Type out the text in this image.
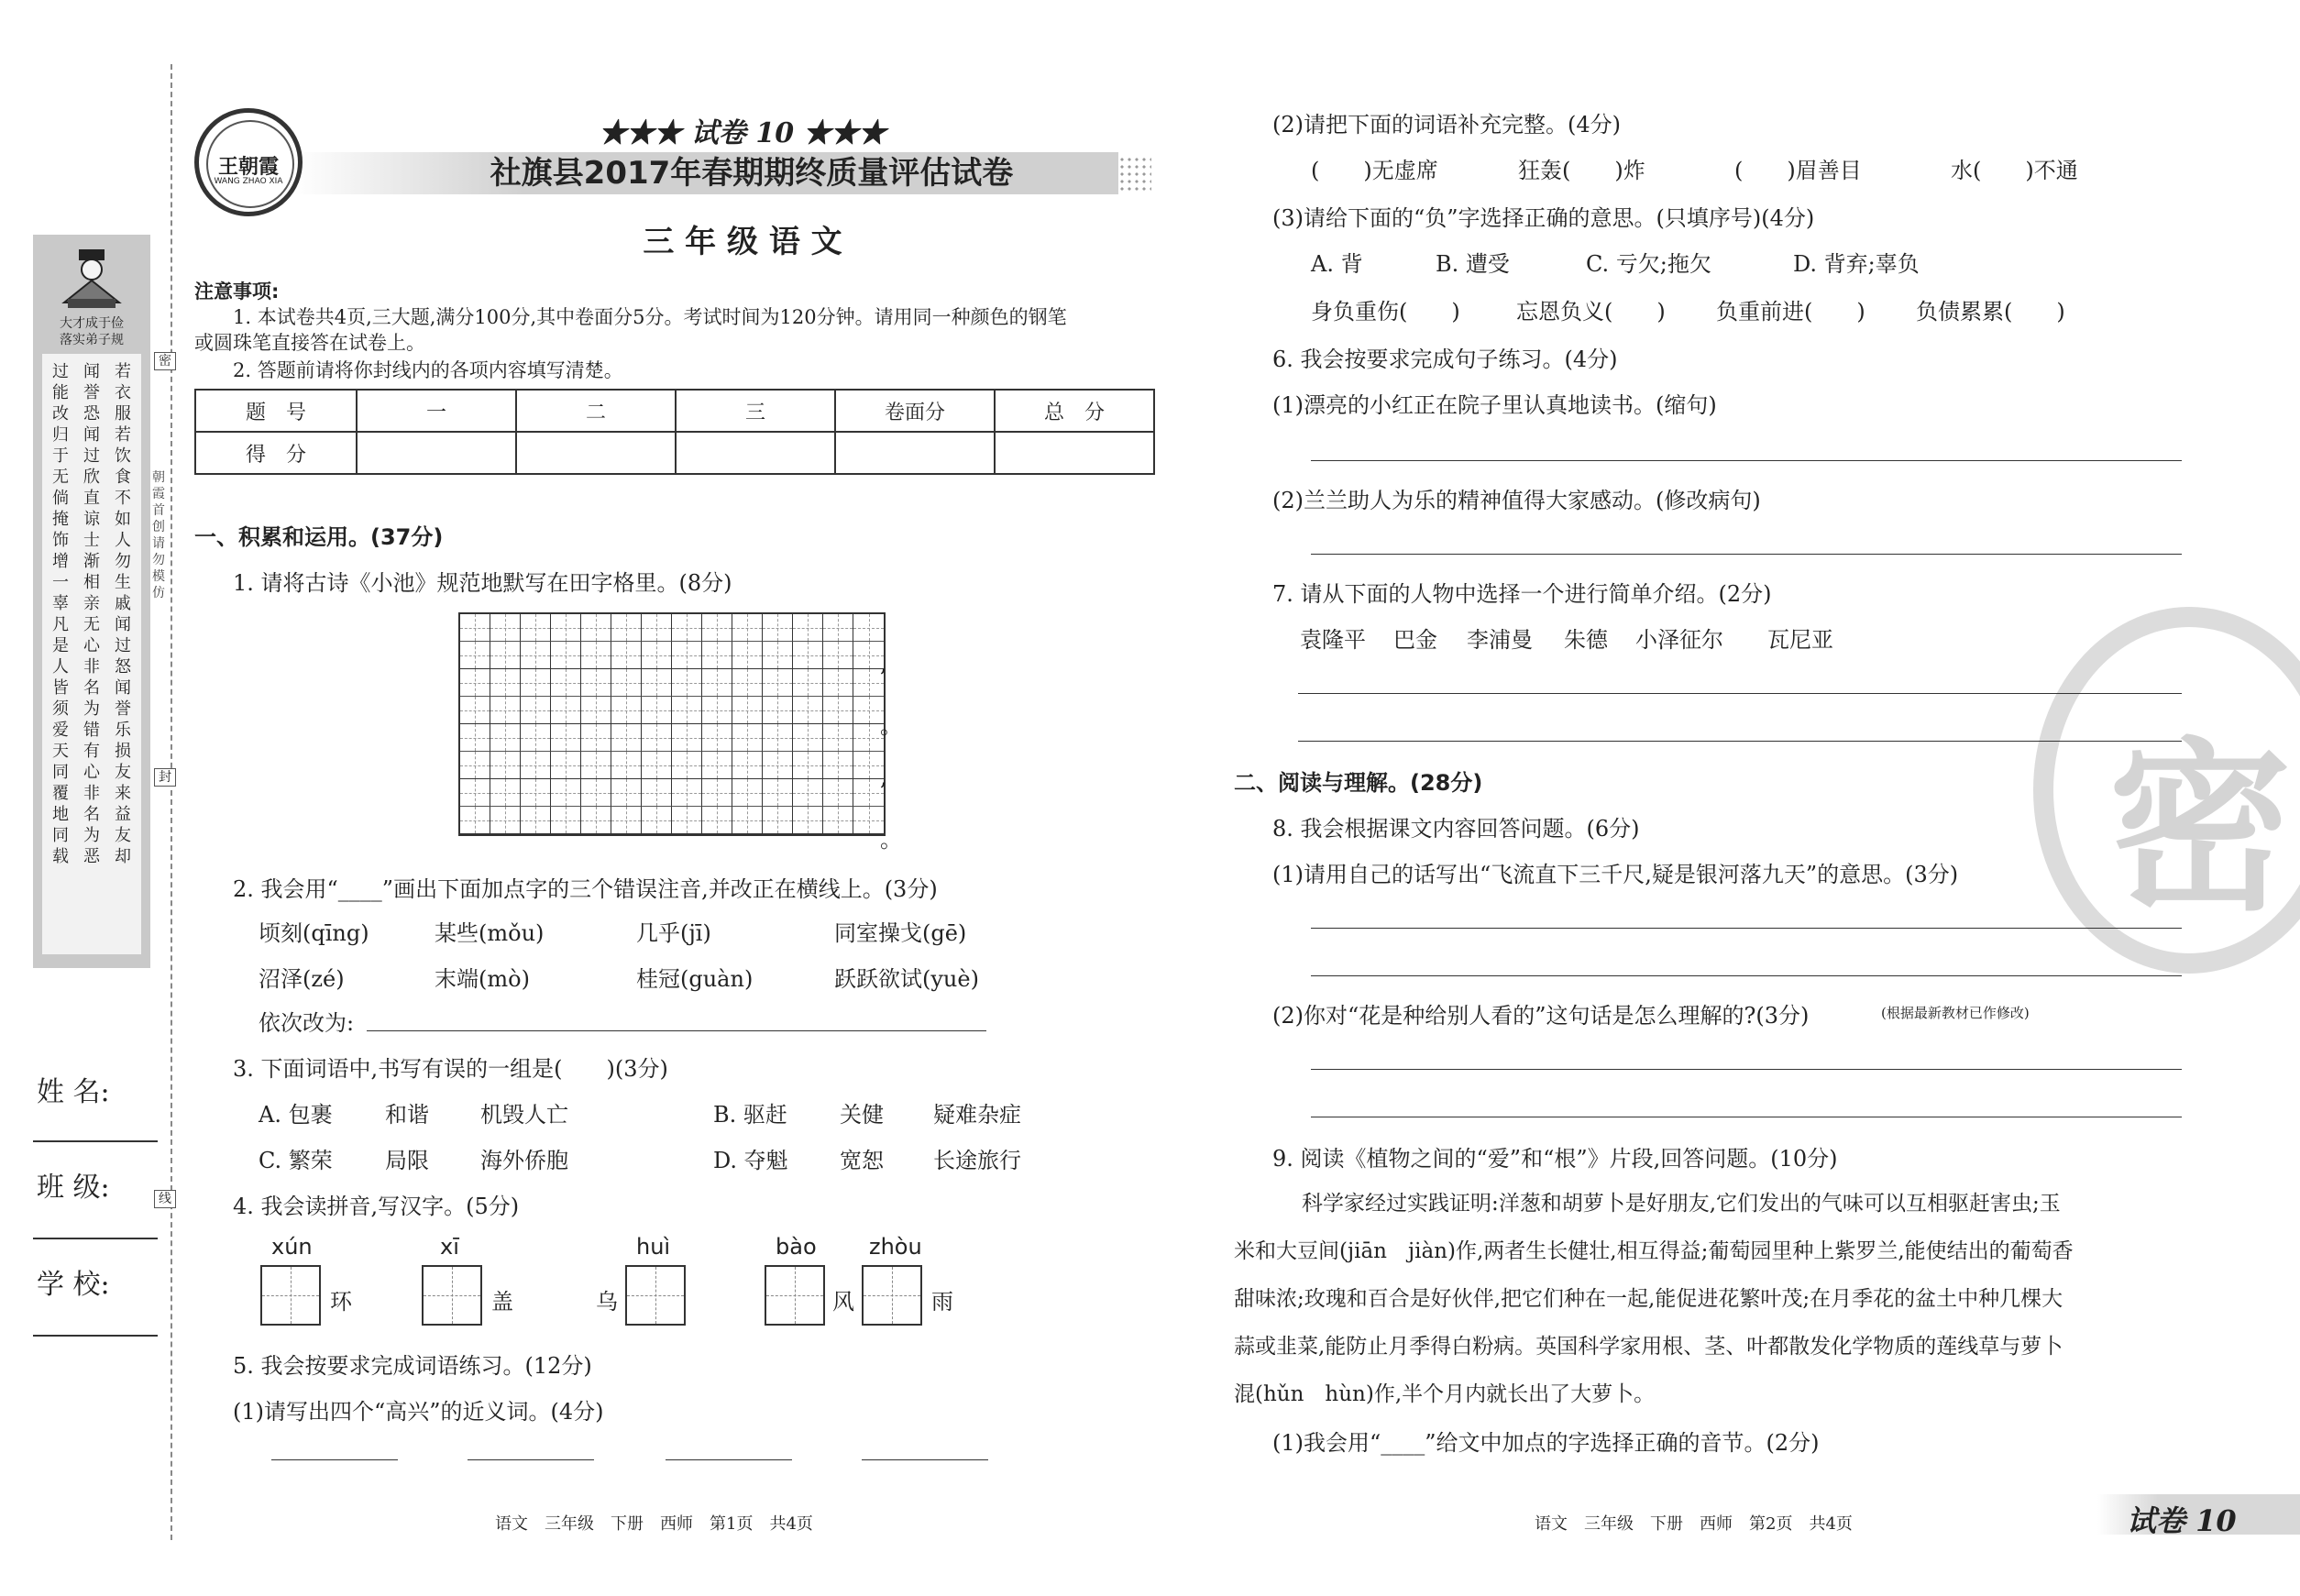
大才成于俭
落实弟子规
过能改归于无倘掩饰增一辜凡是人皆须爱天同覆地同载
闻誉恐闻过欣直谅士渐相亲无心非名为错有心非名为恶
若衣服若饮食不如人勿生戚闻过怒闻誉乐损友来益友却
姓 名:
班 级:
学 校:
密
封
线
朝霞首创 请勿模仿
王朝霞
WANG ZHAO XIA
★★★ 试卷 10 ★★★
社旗县2017年春期期终质量评估试卷
三 年 级 语 文
注意事项:
1. 本试卷共4页,三大题,满分100分,其中卷面分5分。考试时间为120分钟。请用同一种颜色的钢笔
或圆珠笔直接答在试卷上。
2. 答题前请将你封线内的各项内容填写清楚。
题　号	一	二	三	卷面分	总　分
得　分					
一、积累和运用。(37分)
1. 请将古诗《小池》规范地默写在田字格里。(8分)
,
。
,
。
2. 我会用“____”画出下面加点字的三个错误注音,并改正在横线上。(3分)
顷刻(qīng)	某些(mǒu)	几乎(jī)	同室操戈(gē)
沼泽(zé)	末端(mò)	桂冠(guàn)	跃跃欲试(yuè)
依次改为:
3. 下面词语中,书写有误的一组是(　　)(3分)
A. 包裹 和谐 机毁人亡	B. 驱赶 关健 疑难杂症
C. 繁荣 局限 海外侨胞	D. 夺魁 宽恕 长途旅行
4. 我会读拼音,写汉字。(5分)
xún	xī	huì	bào zhòu
环	盖	乌	风	雨
5. 我会按要求完成词语练习。(12分)
(1)请写出四个“高兴”的近义词。(4分)
语文　三年级　下册　西师　第1页　共4页	语文　三年级　下册　西师　第2页　共4页	试卷 10
密
(2)请把下面的词语补充完整。(4分)
(　　)无虚席	狂轰(　　)炸	(　　)眉善目	水(　　)不通
(3)请给下面的“负”字选择正确的意思。(只填序号)(4分)
A. 背	B. 遭受	C. 亏欠;拖欠	D. 背弃;辜负
身负重伤(　　)	忘恩负义(　　) 负重前进(　　) 负债累累(　　)
6. 我会按要求完成句子练习。(4分)
(1)漂亮的小红正在院子里认真地读书。(缩句)
(2)兰兰助人为乐的精神值得大家感动。(修改病句)
7. 请从下面的人物中选择一个进行简单介绍。(2分)
袁隆平 巴金 李浦曼 朱德 小泽征尔 瓦尼亚
二、阅读与理解。(28分)
8. 我会根据课文内容回答问题。(6分)
(1)请用自己的话写出“飞流直下三千尺,疑是银河落九天”的意思。(3分)
(2)你对“花是种给别人看的”这句话是怎么理解的?(3分)	(根据最新教材已作修改)
9. 阅读《植物之间的“爱”和“根”》片段,回答问题。(10分)
科学家经过实践证明:洋葱和胡萝卜是好朋友,它们发出的气味可以互相驱赶害虫;玉
米和大豆间(jiān　jiàn)作,两者生长健壮,相互得益;葡萄园里种上紫罗兰,能使结出的葡萄香
甜味浓;玫瑰和百合是好伙伴,把它们种在一起,能促进花繁叶茂;在月季花的盆土中种几棵大
蒜或韭菜,能防止月季得白粉病。英国科学家用根、茎、叶都散发化学物质的莲线草与萝卜
混(hǔn　hùn)作,半个月内就长出了大萝卜。
(1)我会用“____”给文中加点的字选择正确的音节。(2分)
